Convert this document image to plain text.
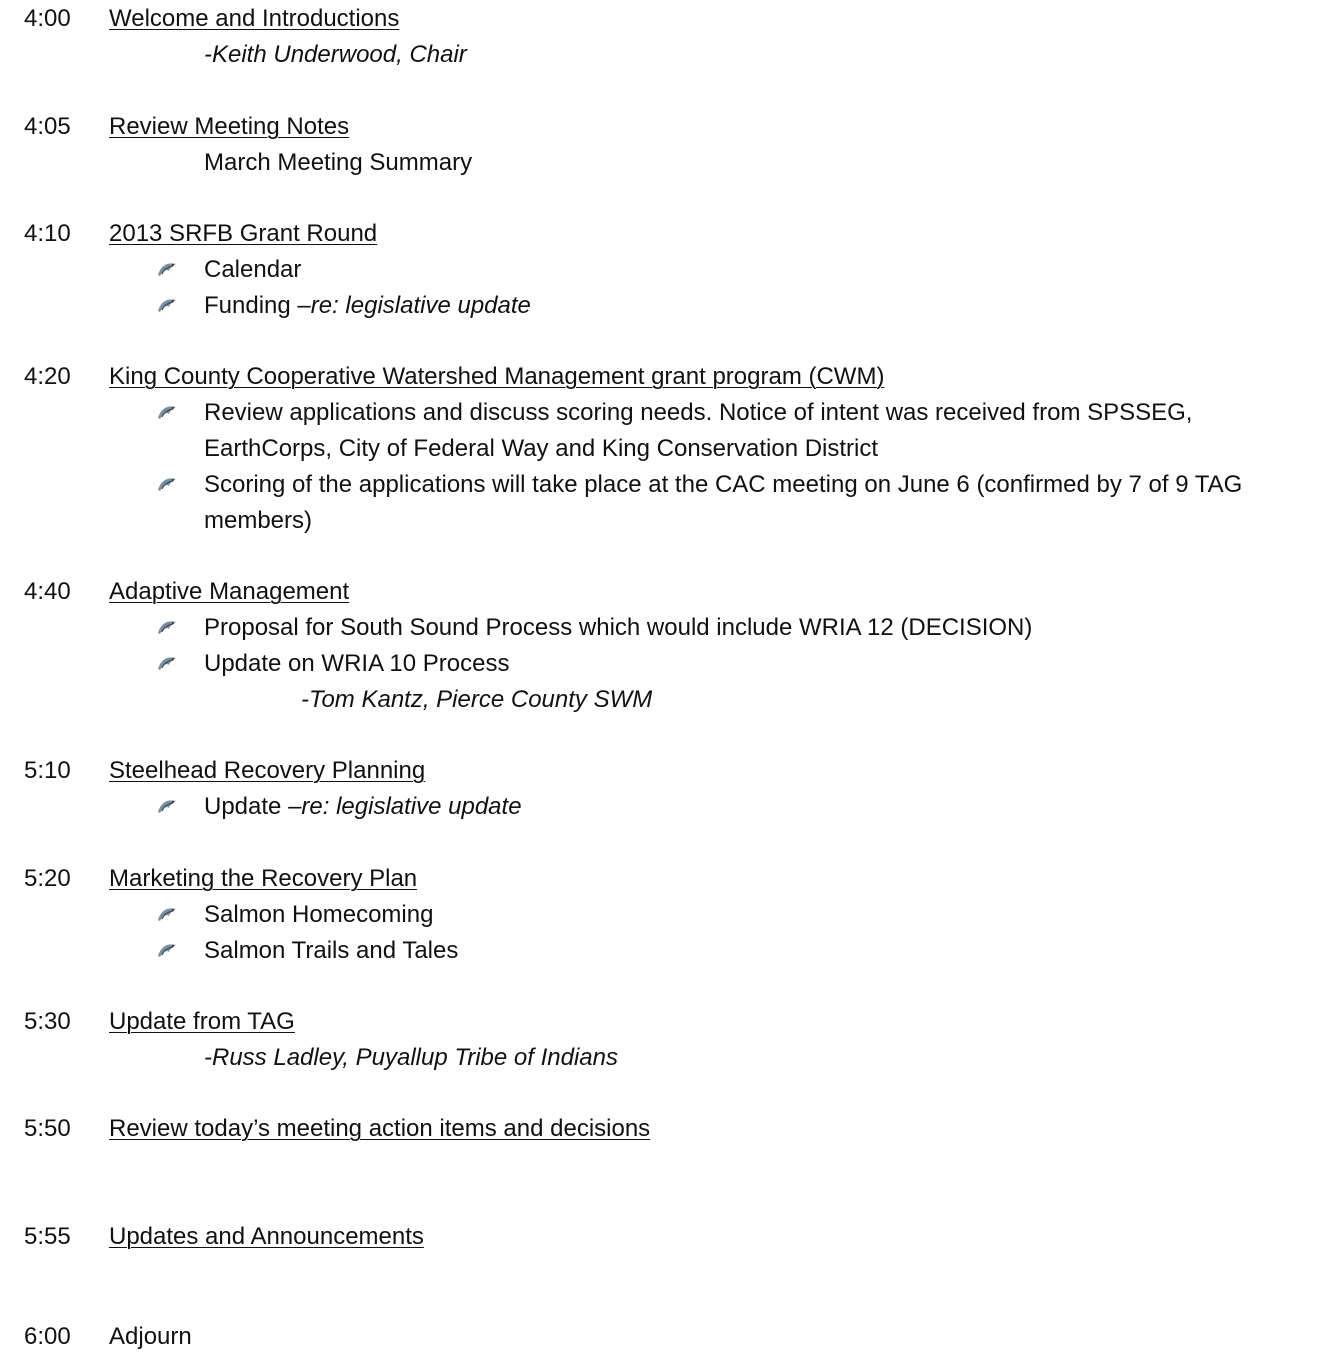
4:00 Welcome and Introductions
-Keith Underwood, Chair
4:05 Review Meeting Notes
March Meeting Summary
4:10 2013 SRFB Grant Round
Calendar
Funding –re: legislative update
4:20 King County Cooperative Watershed Management grant program (CWM)
Review applications and discuss scoring needs. Notice of intent was received from SPSSEG, EarthCorps, City of Federal Way and King Conservation District
Scoring of the applications will take place at the CAC meeting on June 6 (confirmed by 7 of 9 TAG members)
4:40 Adaptive Management
Proposal for South Sound Process which would include WRIA 12 (DECISION)
Update on WRIA 10 Process
-Tom Kantz, Pierce County SWM
5:10 Steelhead Recovery Planning
Update –re: legislative update
5:20 Marketing the Recovery Plan
Salmon Homecoming
Salmon Trails and Tales
5:30 Update from TAG
-Russ Ladley, Puyallup Tribe of Indians
5:50 Review today’s meeting action items and decisions
5:55 Updates and Announcements
6:00 Adjourn
